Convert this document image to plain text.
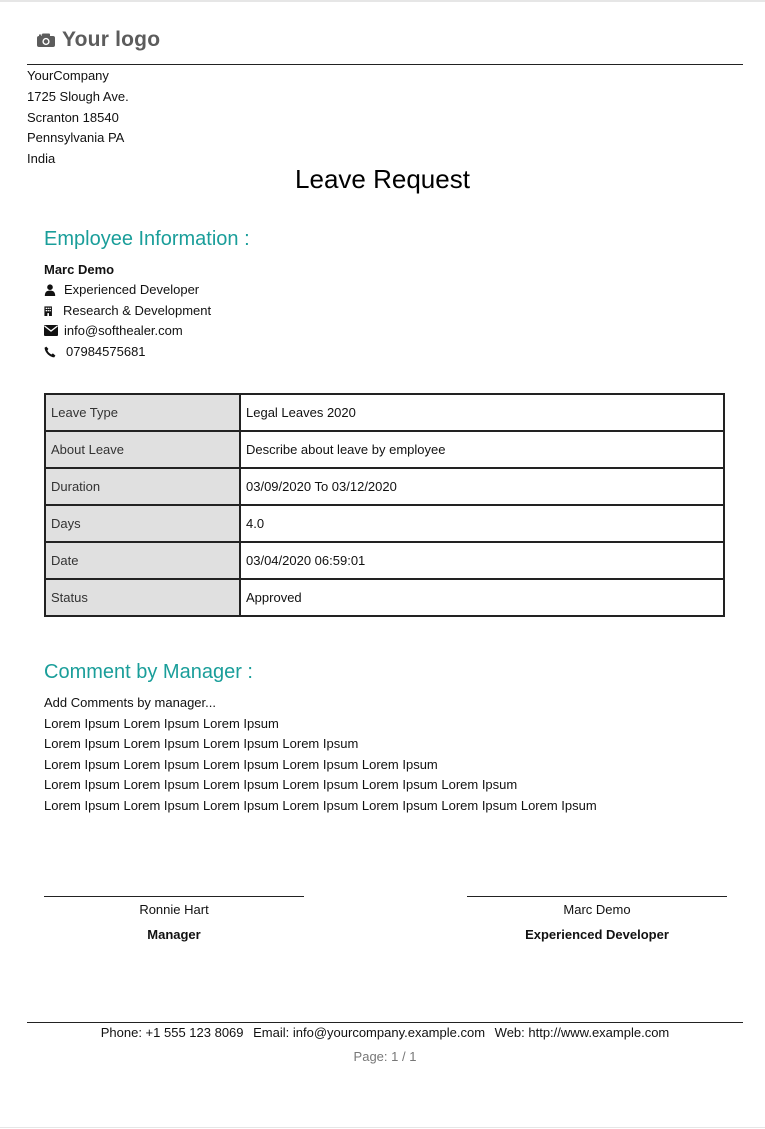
Your logo
YourCompany
1725 Slough Ave.
Scranton 18540
Pennsylvania PA
India
Leave Request
Employee Information :
Marc Demo
Experienced Developer
Research & Development
info@softhealer.com
07984575681
Leave Type	Legal Leaves 2020
About Leave	Describe about leave by employee
Duration	03/09/2020 To 03/12/2020
Days	4.0
Date	03/04/2020 06:59:01
Status	Approved
Comment by Manager :
Add Comments by manager...
Lorem Ipsum Lorem Ipsum Lorem Ipsum
Lorem Ipsum Lorem Ipsum Lorem Ipsum Lorem Ipsum
Lorem Ipsum Lorem Ipsum Lorem Ipsum Lorem Ipsum Lorem Ipsum
Lorem Ipsum Lorem Ipsum Lorem Ipsum Lorem Ipsum Lorem Ipsum Lorem Ipsum
Lorem Ipsum Lorem Ipsum Lorem Ipsum Lorem Ipsum Lorem Ipsum Lorem Ipsum Lorem Ipsum
Ronnie Hart
Manager
Marc Demo
Experienced Developer
Phone: +1 555 123 8069 Email: info@yourcompany.example.com Web: http://www.example.com
Page: 1 / 1
